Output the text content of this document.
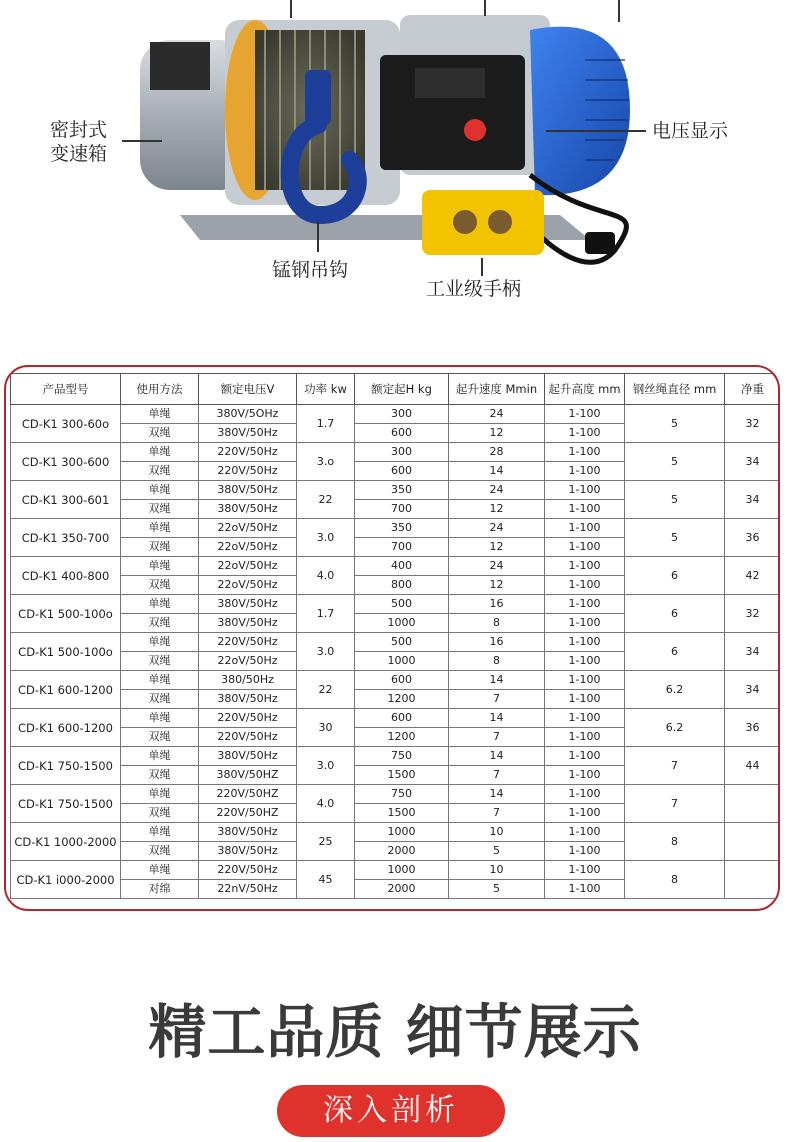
密封式
变速箱
电压显示
锰钢吊钩
工业级手柄
产品型号	使用方法	额定电压V	功率 kw	额定起H kg	起升速度 Mmin	起升高度 mm	钢丝绳直径 mm	净重
CD-K1 300-60o	单绳	380V/5OHz	1.7	300	24	1-100	5	32
	双绳	380V/50Hz		600	12	1-100		
CD-K1 300-600	单绳	220V/50Hz	3.o	300	28	1-100	5	34
	双绳	220V/50Hz		600	14	1-100		
CD-K1 300-601	单绳	380V/50Hz	22	350	24	1-100	5	34
	双绳	380V/50Hz		700	12	1-100		
CD-K1 350-700	单绳	22oV/50Hz	3.0	350	24	1-100	5	36
	双绳	22oV/50Hz		700	12	1-100		
CD-K1 400-800	单绳	22oV/50Hz	4.0	400	24	1-100	6	42
	双绳	22oV/50Hz		800	12	1-100		
CD-K1 500-100o	单绳	380V/50Hz	1.7	500	16	1-100	6	32
	双绳	380V/50Hz		1000	8	1-100		
CD-K1 500-100o	单绳	220V/50Hz	3.0	500	16	1-100	6	34
	双绳	22oV/50Hz		1000	8	1-100		
CD-K1 600-1200	单绳	380/50Hz	22	600	14	1-100	6.2	34
	双绳	380V/50Hz		1200	7	1-100		
CD-K1 600-1200	单绳	220V/50Hz	30	600	14	1-100	6.2	36
	双绳	220V/50Hz		1200	7	1-100		
CD-K1 750-1500	单绳	380V/50Hz	3.0	750	14	1-100	7	44
	双绳	380V/50HZ		1500	7	1-100		
CD-K1 750-1500	单绳	220V/50HZ	4.0	750	14	1-100	7	
	双绳	220V/50HZ		1500	7	1-100		
CD-K1 1000-2000	单绳	380V/50Hz	25	1000	10	1-100	8	
	双绳	380V/50Hz		2000	5	1-100		
CD-K1 i000-2000	单绳	220V/50Hz	45	1000	10	1-100	8	
	对绵	22nV/50Hz		2000	5	1-100		
精工品质 细节展示
深入剖析
